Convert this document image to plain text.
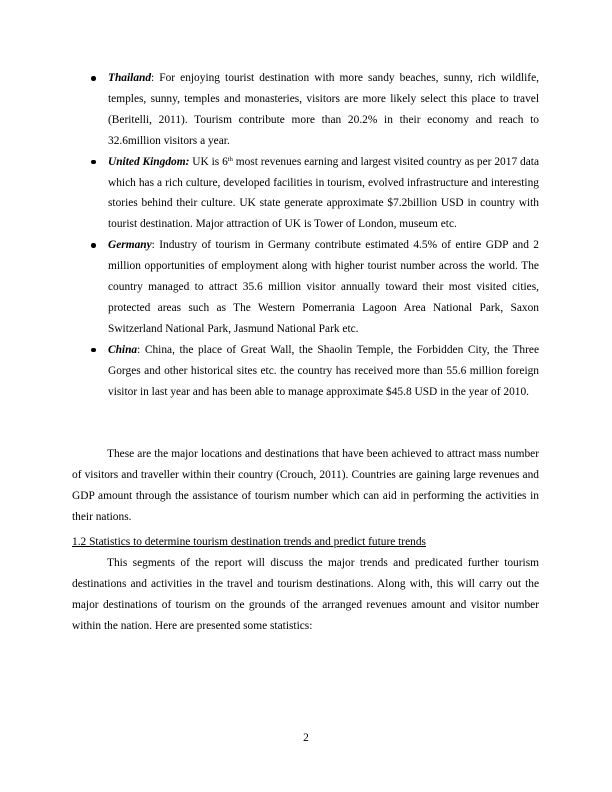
Thailand: For enjoying tourist destination with more sandy beaches, sunny, rich wildlife, temples, sunny, temples and monasteries, visitors are more likely select this place to travel (Beritelli, 2011). Tourism contribute more than 20.2% in their economy and reach to 32.6million visitors a year.
United Kingdom: UK is 6th most revenues earning and largest visited country as per 2017 data which has a rich culture, developed facilities in tourism, evolved infrastructure and interesting stories behind their culture. UK state generate approximate $7.2billion USD in country with tourist destination. Major attraction of UK is Tower of London, museum etc.
Germany: Industry of tourism in Germany contribute estimated 4.5% of entire GDP and 2 million opportunities of employment along with higher tourist number across the world. The country managed to attract 35.6 million visitor annually toward their most visited cities, protected areas such as The Western Pomerrania Lagoon Area National Park, Saxon Switzerland National Park, Jasmund National Park etc.
China: China, the place of Great Wall, the Shaolin Temple, the Forbidden City, the Three Gorges and other historical sites etc. the country has received more than 55.6 million foreign visitor in last year and has been able to manage approximate $45.8 USD in the year of 2010.

These are the major locations and destinations that have been achieved to attract mass number of visitors and traveller within their country (Crouch, 2011). Countries are gaining large revenues and GDP amount through the assistance of tourism number which can aid in performing the activities in their nations.

1.2 Statistics to determine tourism destination trends and predict future trends

This segments of the report will discuss the major trends and predicated further tourism destinations and activities in the travel and tourism destinations. Along with, this will carry out the major destinations of tourism on the grounds of the arranged revenues amount and visitor number within the nation. Here are presented some statistics:

2
